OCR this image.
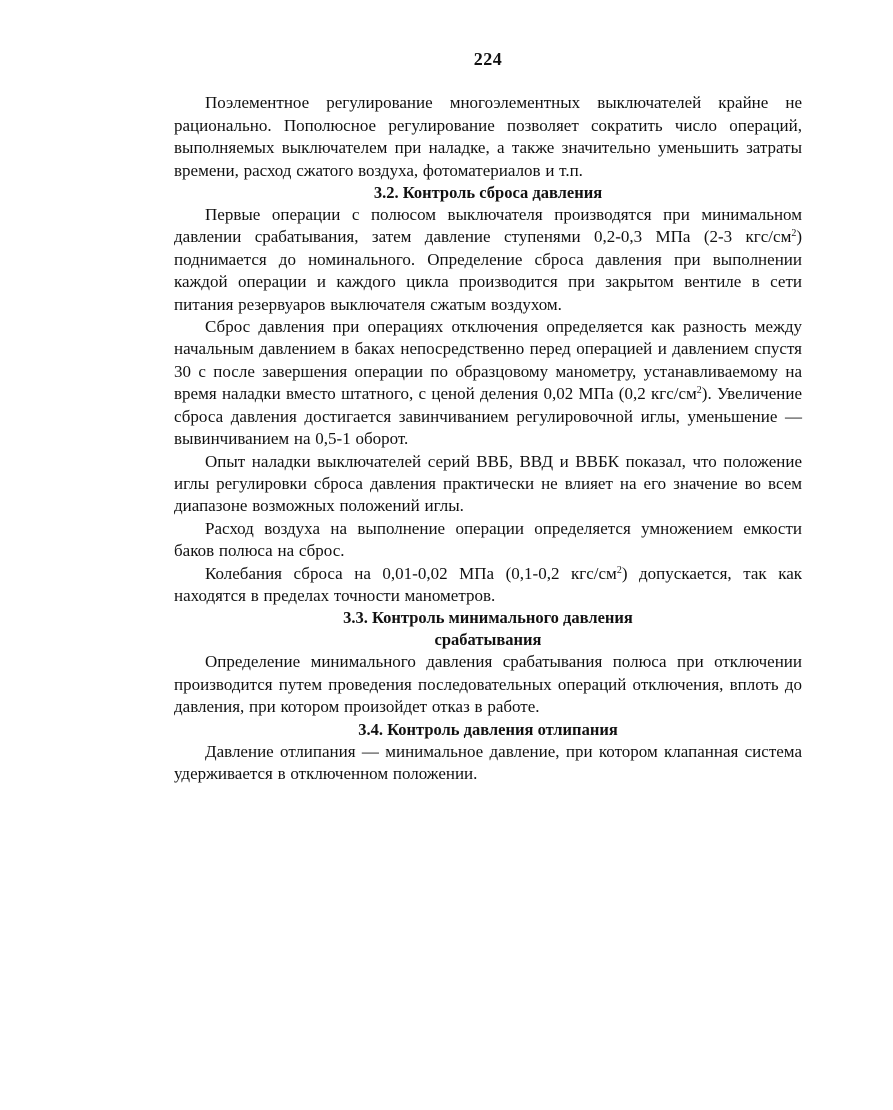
224

Поэлементное регулирование многоэлементных выключателей крайне не рационально. Пополюсное регулирование позволяет сократить число операций, выполняемых выключателем при наладке, а также значительно уменьшить затраты времени, расход сжатого воздуха, фотоматериалов и т.п.

3.2. Контроль сброса давления

Первые операции с полюсом выключателя производятся при минимальном давлении срабатывания, затем давление ступенями 0,2-0,3 МПа (2-3 кгс/$см^2$) поднимается до номинального. Определение сброса давления при выполнении каждой операции и каждого цикла производится при закрытом вентиле в сети питания резервуаров выключателя сжатым воздухом.

Сброс давления при операциях отключения определяется как разность между начальным давлением в баках непосредственно перед операцией и давлением спустя 30 с после завершения операции по образцовому манометру, устанавливаемому на время наладки вместо штатного, с ценой деления 0,02 МПа (0,2 кгс/$см^2$). Увеличение сброса давления достигается завинчиванием регулировочной иглы, уменьшение — вывинчиванием на 0,5-1 оборот.

Опыт наладки выключателей серий ВВБ, ВВД и ВВБК показал, что положение иглы регулировки сброса давления практически не влияет на его значение во всем диапазоне возможных положений иглы.

Расход воздуха на выполнение операции определяется умножением емкости баков полюса на сброс.

Колебания сброса на 0,01-0,02 МПа (0,1-0,2 кгс/$см^2$) допускается, так как находятся в пределах точности манометров.

3.3. Контроль минимального давления
срабатывания

Определение минимального давления срабатывания полюса при отключении производится путем проведения последовательных операций отключения, вплоть до давления, при котором произойдет отказ в работе.

3.4. Контроль давления отлипания

Давление отлипания — минимальное давление, при котором клапанная система удерживается в отключенном положении.
